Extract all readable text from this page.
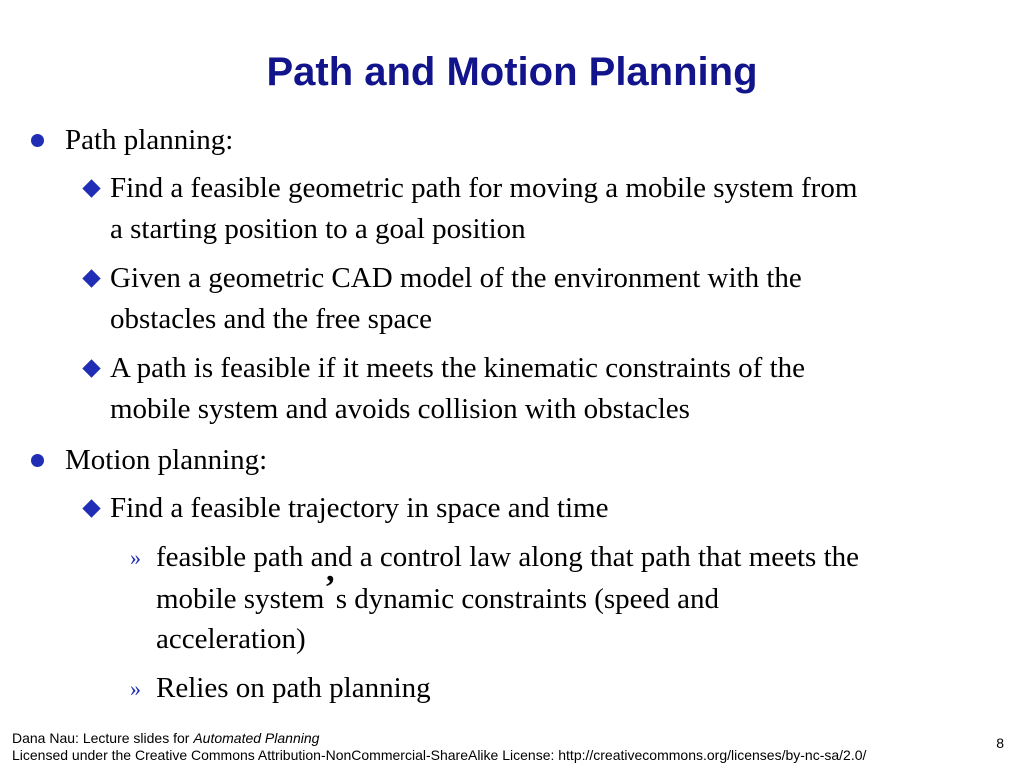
Path and Motion Planning
Path planning:
Find a feasible geometric path for moving a mobile system from
a starting position to a goal position
Given a geometric CAD model of the environment with the
obstacles and the free space
A path is feasible if it meets the kinematic constraints of the
mobile system and avoids collision with obstacles
Motion planning:
Find a feasible trajectory in space and time
» feasible path and a control law along that path that meets the
mobile system’s dynamic constraints (speed and
acceleration)
» Relies on path planning
Dana Nau: Lecture slides for Automated Planning
Licensed under the Creative Commons Attribution-NonCommercial-ShareAlike License: http://creativecommons.org/licenses/by-nc-sa/2.0/
8
